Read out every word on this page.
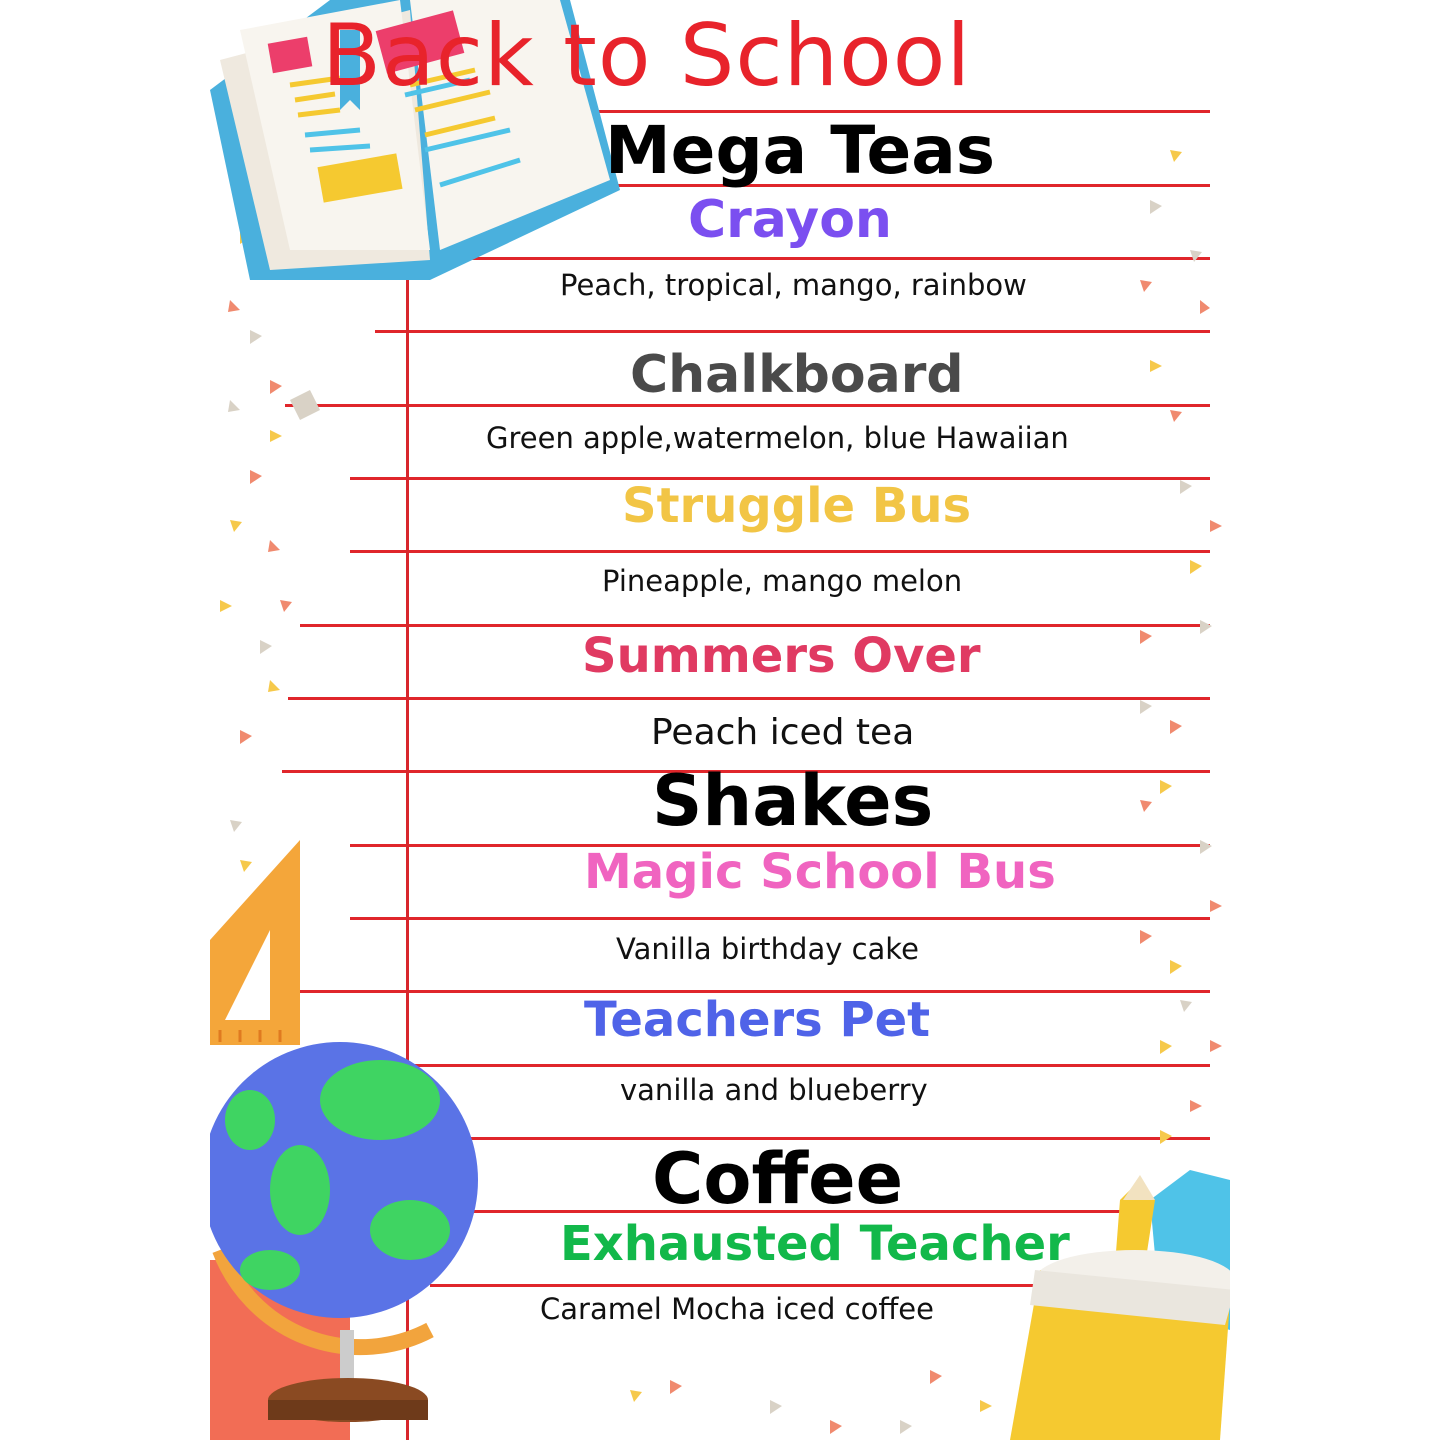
Back to School
Mega Teas
Crayon
Peach, tropical, mango, rainbow
Chalkboard
Green apple,watermelon, blue Hawaiian
Struggle Bus
Pineapple, mango melon
Summers Over
Peach iced tea
Shakes
Magic School Bus
Vanilla birthday cake
Teachers Pet
vanilla and blueberry
Coffee
Exhausted Teacher
Caramel Mocha iced coffee
